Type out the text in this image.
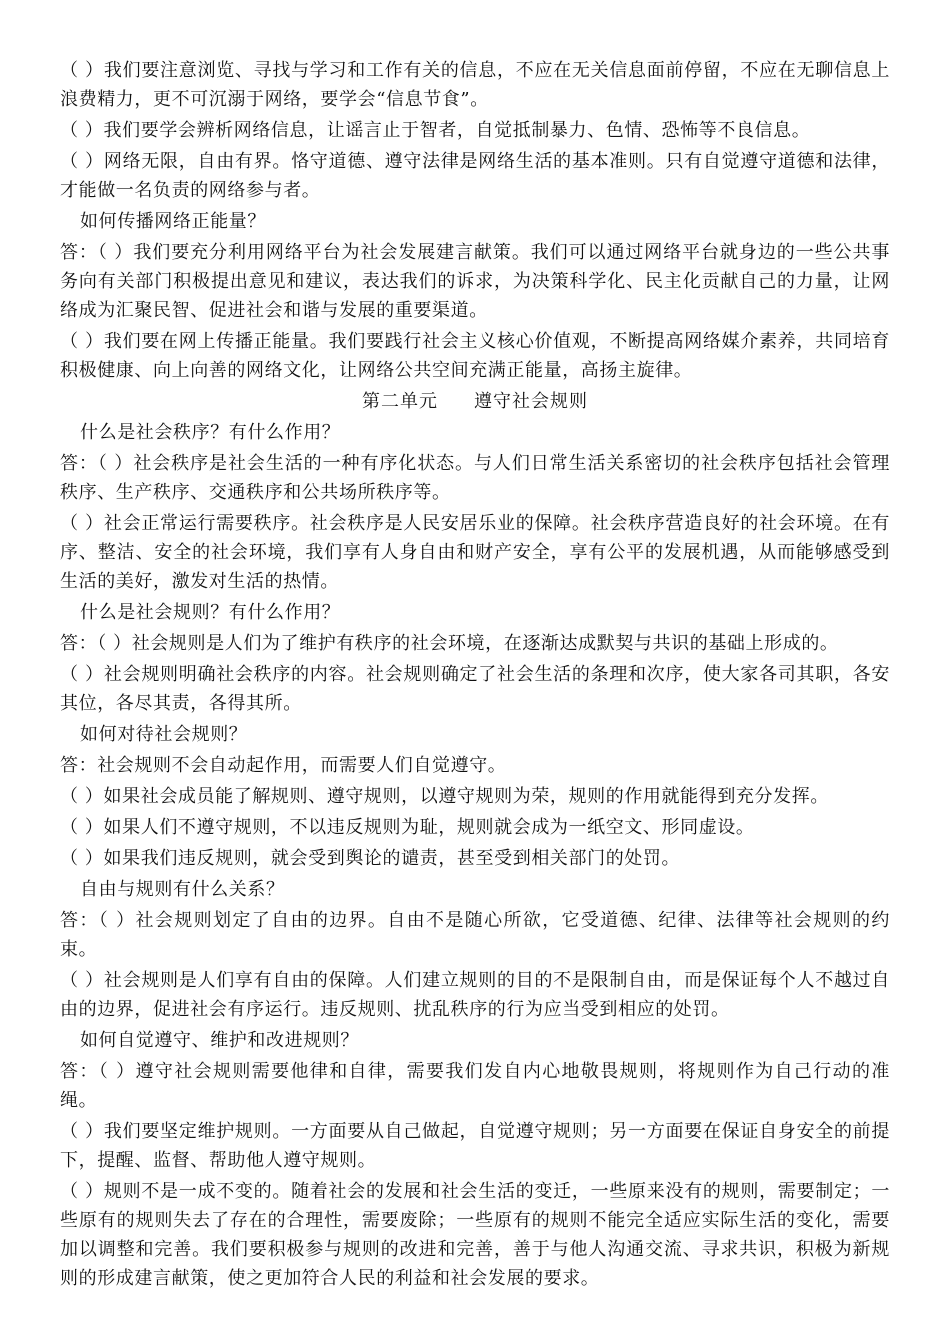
（ ）我们要注意浏览、寻找与学习和工作有关的信息，不应在无关信息面前停留，不应在无聊信息上浪费精力，更不可沉溺于网络，要学会“信息节食”。

（ ）我们要学会辨析网络信息，让谣言止于智者，自觉抵制暴力、色情、恐怖等不良信息。

（ ）网络无限，自由有界。恪守道德、遵守法律是网络生活的基本准则。只有自觉遵守道德和法律，才能做一名负责的网络参与者。

如何传播网络正能量？

答：（ ）我们要充分利用网络平台为社会发展建言献策。我们可以通过网络平台就身边的一些公共事务向有关部门积极提出意见和建议，表达我们的诉求，为决策科学化、民主化贡献自己的力量，让网络成为汇聚民智、促进社会和谐与发展的重要渠道。

（ ）我们要在网上传播正能量。我们要践行社会主义核心价值观，不断提高网络媒介素养，共同培育积极健康、向上向善的网络文化，让网络公共空间充满正能量，高扬主旋律。

第二单元 遵守社会规则

什么是社会秩序？有什么作用？

答：（ ）社会秩序是社会生活的一种有序化状态。与人们日常生活关系密切的社会秩序包括社会管理秩序、生产秩序、交通秩序和公共场所秩序等。

（ ）社会正常运行需要秩序。社会秩序是人民安居乐业的保障。社会秩序营造良好的社会环境。在有序、整洁、安全的社会环境，我们享有人身自由和财产安全，享有公平的发展机遇，从而能够感受到生活的美好，激发对生活的热情。

什么是社会规则？有什么作用？

答：（ ）社会规则是人们为了维护有秩序的社会环境，在逐渐达成默契与共识的基础上形成的。

（ ）社会规则明确社会秩序的内容。社会规则确定了社会生活的条理和次序，使大家各司其职，各安其位，各尽其责，各得其所。

如何对待社会规则？

答：社会规则不会自动起作用，而需要人们自觉遵守。

（ ）如果社会成员能了解规则、遵守规则，以遵守规则为荣，规则的作用就能得到充分发挥。

（ ）如果人们不遵守规则，不以违反规则为耻，规则就会成为一纸空文、形同虚设。

（ ）如果我们违反规则，就会受到舆论的谴责，甚至受到相关部门的处罚。

自由与规则有什么关系？

答：（ ）社会规则划定了自由的边界。自由不是随心所欲，它受道德、纪律、法律等社会规则的约束。

（ ）社会规则是人们享有自由的保障。人们建立规则的目的不是限制自由，而是保证每个人不越过自由的边界，促进社会有序运行。违反规则、扰乱秩序的行为应当受到相应的处罚。

如何自觉遵守、维护和改进规则？

答：（ ）遵守社会规则需要他律和自律，需要我们发自内心地敬畏规则，将规则作为自己行动的准绳。

（ ）我们要坚定维护规则。一方面要从自己做起，自觉遵守规则；另一方面要在保证自身安全的前提下，提醒、监督、帮助他人遵守规则。

（ ）规则不是一成不变的。随着社会的发展和社会生活的变迁，一些原来没有的规则，需要制定；一些原有的规则失去了存在的合理性，需要废除；一些原有的规则不能完全适应实际生活的变化，需要加以调整和完善。我们要积极参与规则的改进和完善，善于与他人沟通交流、寻求共识，积极为新规则的形成建言献策，使之更加符合人民的利益和社会发展的要求。
